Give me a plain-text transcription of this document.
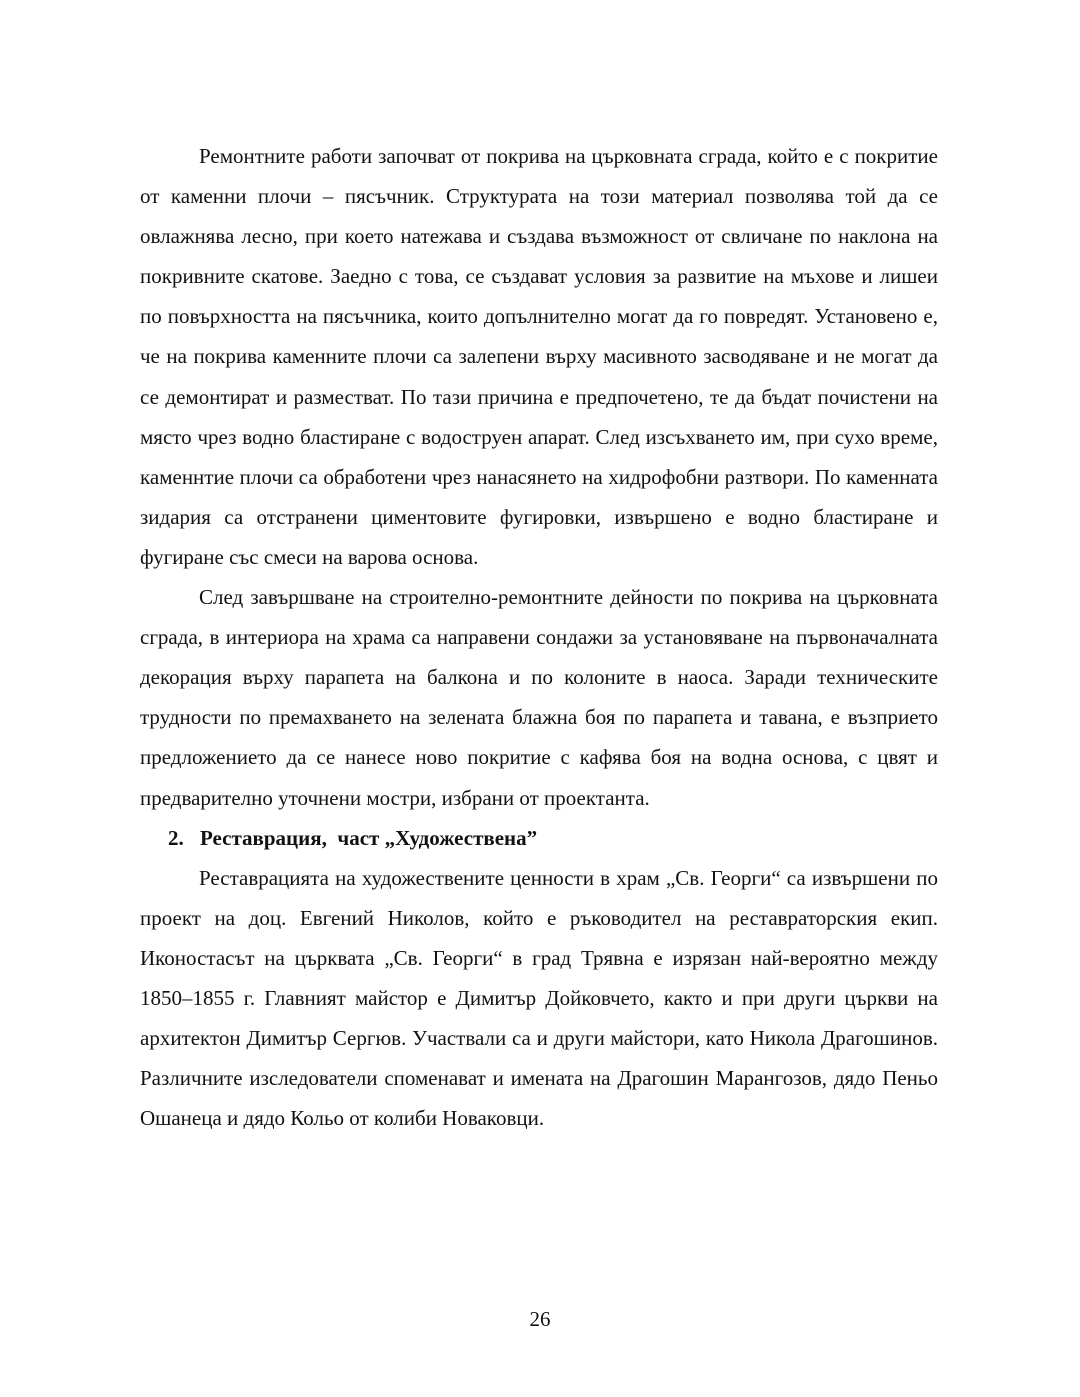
Ремонтните работи започват от покрива на църковната сграда, който е с покритие от каменни плочи – пясъчник. Структурата на този материал позволява той да се овлажнява лесно, при което натежава и създава възможност от свличане по наклона на покривните скатове. Заедно с това, се създават условия за развитие на мъхове и лишеи по повърхността на пясъчника, които допълнително могат да го повредят. Установено е, че на покрива каменните плочи са залепени върху масивното засводяване и не могат да се демонтират и разместват. По тази причина е предпочетено, те да бъдат почистени на място чрез водно бластиране с водоструен апарат. След изсъхването им, при сухо време, каменнтие плочи са обработени чрез нанасянето на хидрофобни разтвори. По каменната зидария са отстранени циментовите фугировки, извършено е водно бластиране и фугиране със смеси на варова основа.

След завършване на строително-ремонтните дейности по покрива на църковната сграда, в интериора на храма са направени сондажи за установяване на първоначалната декорация върху парапета на балкона и по колоните в наоса. Заради техническите трудности по премахването на зелената блажна боя по парапета и тавана, е възприето предложението да се нанесе ново покритие с кафява боя на водна основа, с цвят и предварително уточнени мостри, избрани от проектанта.

2. Реставрация,  част „Художествена”

Реставрацията на художествените ценности в храм „Св. Георги“ са извършени по проект на доц. Евгений Николов, който е ръководител на реставраторския екип. Иконостасът на църквата „Св. Георги“ в град Трявна е изрязан най-вероятно между 1850–1855 г. Главният майстор е Димитър Дойковчето, както и при други църкви на архитектон Димитър Сергюв. Участвали са и други майстори, като Никола Драгошинов. Различните изследователи споменават и имената на Драгошин Марангозов, дядо Пеньо Ошанеца и дядо Кольо от колиби Новаковци.

26
